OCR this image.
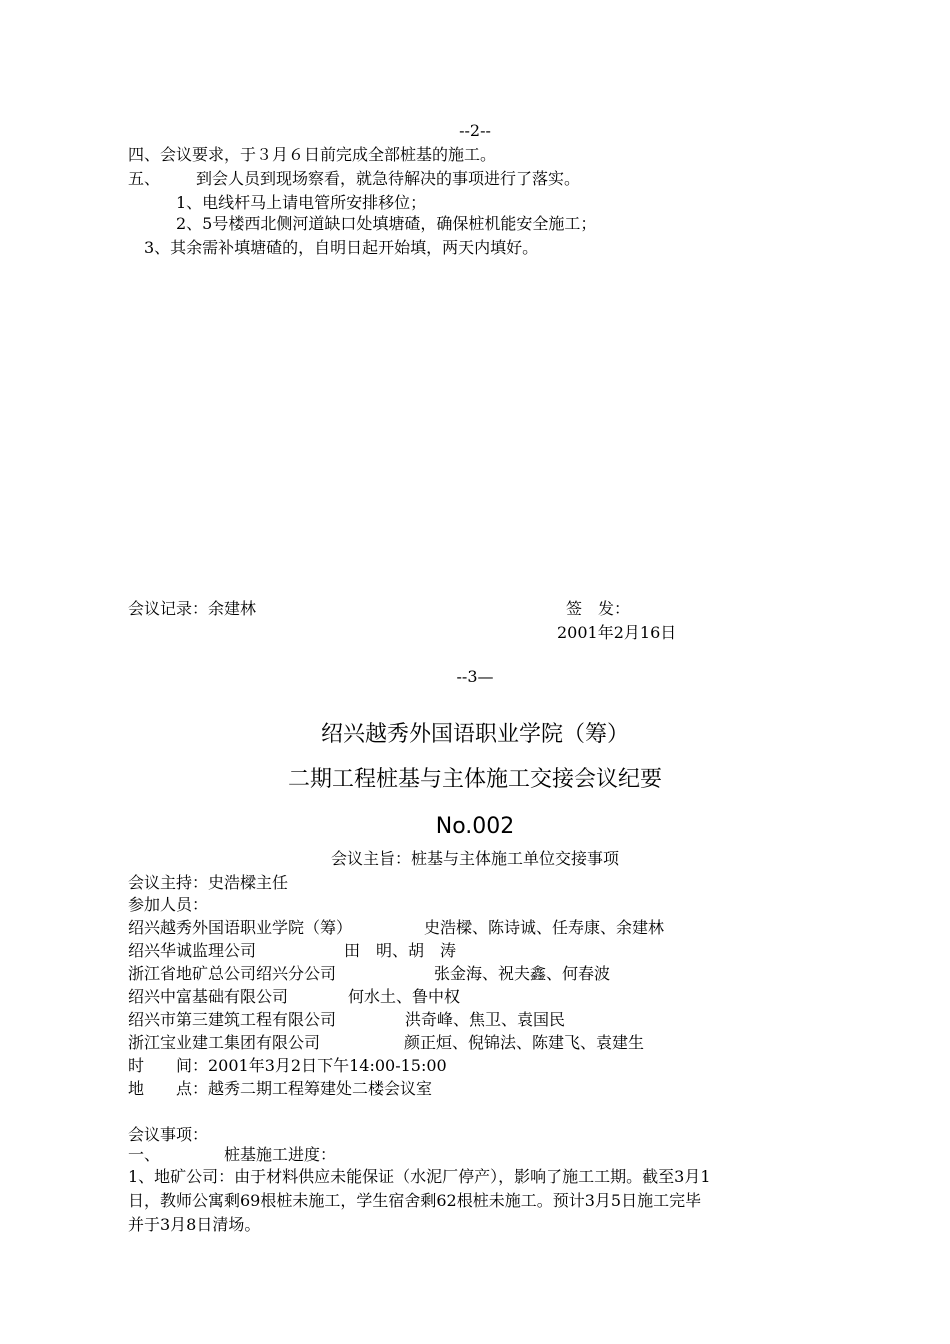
--2--
四、会议要求，于３月６日前完成全部桩基的施工。
五、 到会人员到现场察看，就急待解决的事项进行了落实。
1、电线杆马上请电管所安排移位；
2、5号楼西北侧河道缺口处填塘碴，确保桩机能安全施工；
3、其余需补填塘碴的，自明日起开始填，两天内填好。
会议记录：余建林	签　发：
2001年2月16日
--3—
绍兴越秀外国语职业学院（筹）
二期工程桩基与主体施工交接会议纪要
No.002
会议主旨：桩基与主体施工单位交接事项
会议主持：史浩樑主任
参加人员：
绍兴越秀外国语职业学院（筹）	史浩樑、陈诗诚、任寿康、余建林
绍兴华诚监理公司	田　明、胡　涛
浙江省地矿总公司绍兴分公司	张金海、祝夫鑫、何春波
绍兴中富基础有限公司	何水土、鲁中权
绍兴市第三建筑工程有限公司	洪奇峰、焦卫、袁国民
浙江宝业建工集团有限公司	颜正烜、倪锦法、陈建飞、袁建生
时　　间：2001年3月2日下午14:00-15:00
地　　点：越秀二期工程筹建处二楼会议室
会议事项：
一、	桩基施工进度：
1、地矿公司：由于材料供应未能保证（水泥厂停产），影响了施工工期。截至3月1
日，教师公寓剩69根桩未施工，学生宿舍剩62根桩未施工。预计3月5日施工完毕
并于3月8日清场。
